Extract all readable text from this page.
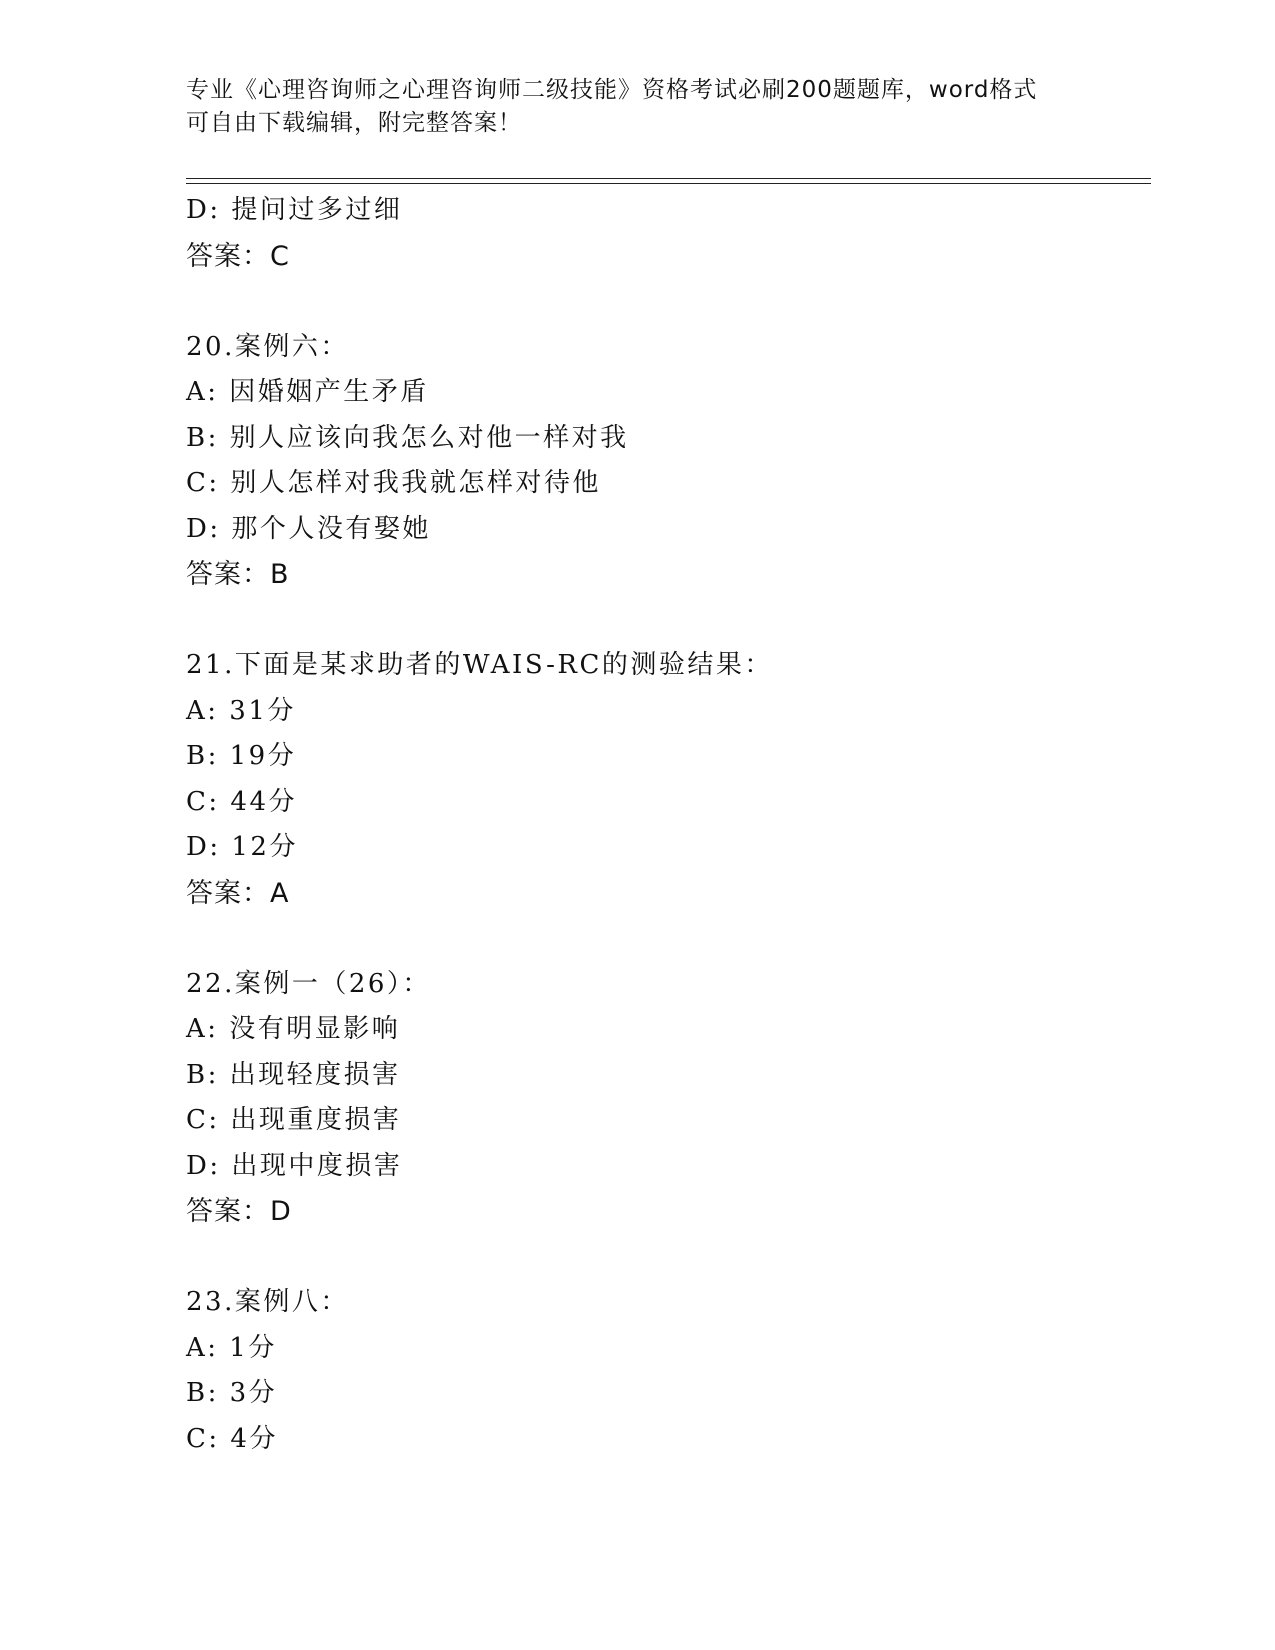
专业《心理咨询师之心理咨询师二级技能》资格考试必刷200题题库，word格式
可自由下载编辑，附完整答案！
D: 提问过多过细
答案：C
20.案例六：
A: 因婚姻产生矛盾
B: 别人应该向我怎么对他一样对我
C: 别人怎样对我我就怎样对待他
D: 那个人没有娶她
答案：B
21.下面是某求助者的WAIS-RC的测验结果：
A: 31分
B: 19分
C: 44分
D: 12分
答案：A
22.案例一（26）：
A: 没有明显影响
B: 出现轻度损害
C: 出现重度损害
D: 出现中度损害
答案：D
23.案例八：
A: 1分
B: 3分
C: 4分
